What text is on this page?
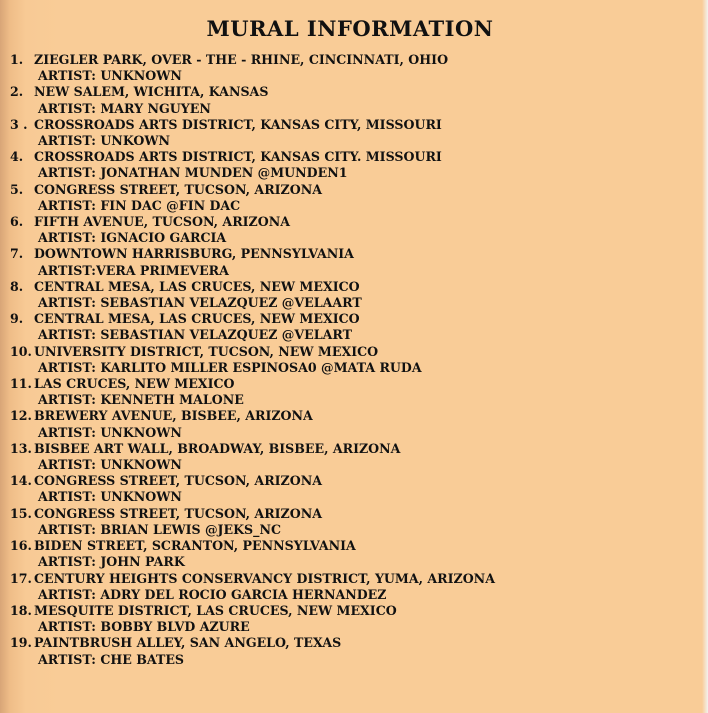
MURAL INFORMATION
1. ZIEGLER PARK, OVER - THE - RHINE, CINCINNATI, OHIO
ARTIST: UNKNOWN
2. NEW SALEM, WICHITA, KANSAS
ARTIST: MARY NGUYEN
3 . CROSSROADS ARTS DISTRICT, KANSAS CITY, MISSOURI
ARTIST: UNKOWN
4. CROSSROADS ARTS DISTRICT, KANSAS CITY. MISSOURI
ARTIST: JONATHAN MUNDEN @MUNDEN1
5. CONGRESS STREET, TUCSON, ARIZONA
ARTIST: FIN DAC @FIN DAC
6. FIFTH AVENUE, TUCSON, ARIZONA
ARTIST: IGNACIO GARCIA
7. DOWNTOWN HARRISBURG, PENNSYLVANIA
ARTIST:VERA PRIMEVERA
8. CENTRAL MESA, LAS CRUCES, NEW MEXICO
ARTIST: SEBASTIAN VELAZQUEZ @VELAART
9. CENTRAL MESA, LAS CRUCES, NEW MEXICO
ARTIST: SEBASTIAN VELAZQUEZ @VELART
10. UNIVERSITY DISTRICT, TUCSON, NEW MEXICO
ARTIST: KARLITO MILLER ESPINOSA0 @MATA RUDA
11. LAS CRUCES, NEW MEXICO
ARTIST: KENNETH MALONE
12. BREWERY AVENUE, BISBEE, ARIZONA
ARTIST: UNKNOWN
13. BISBEE ART WALL, BROADWAY, BISBEE, ARIZONA
ARTIST: UNKNOWN
14. CONGRESS STREET, TUCSON, ARIZONA
ARTIST: UNKNOWN
15. CONGRESS STREET, TUCSON, ARIZONA
ARTIST: BRIAN LEWIS @JEKS_NC
16. BIDEN STREET, SCRANTON, PENNSYLVANIA
ARTIST: JOHN PARK
17. CENTURY HEIGHTS CONSERVANCY DISTRICT, YUMA, ARIZONA
ARTIST: ADRY DEL ROCIO GARCIA HERNANDEZ
18. MESQUITE DISTRICT, LAS CRUCES, NEW MEXICO
ARTIST: BOBBY BLVD AZURE
19. PAINTBRUSH ALLEY, SAN ANGELO, TEXAS
ARTIST: CHE BATES
